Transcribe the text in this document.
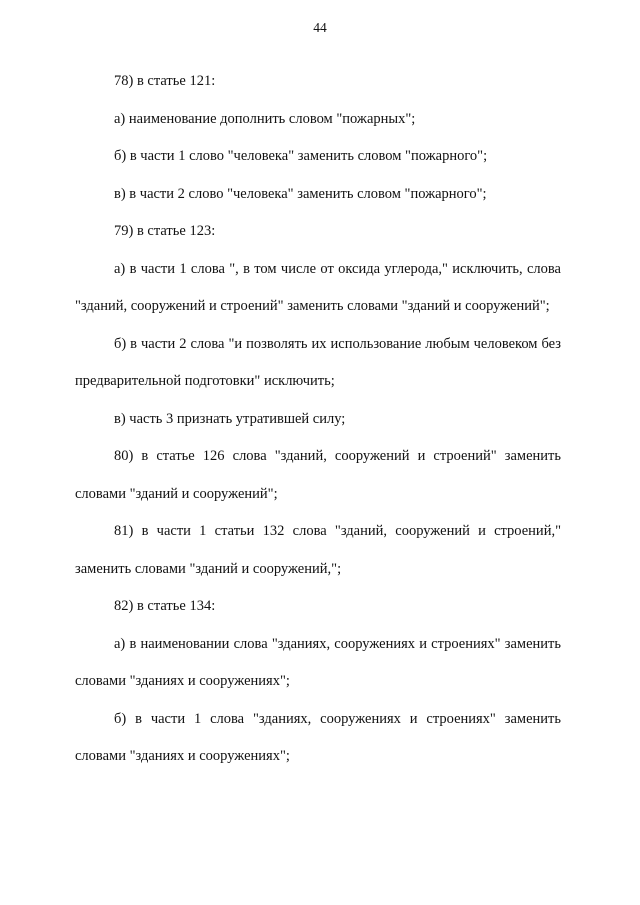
44

78) в статье 121:

а) наименование дополнить словом "пожарных";

б) в части 1 слово "человека" заменить словом "пожарного";

в) в части 2 слово "человека" заменить словом "пожарного";

79) в статье 123:

а) в части 1 слова ", в том числе от оксида углерода," исключить, слова "зданий, сооружений и строений" заменить словами "зданий и сооружений";

б) в части 2 слова "и позволять их использование любым человеком без предварительной подготовки" исключить;

в) часть 3 признать утратившей силу;

80) в статье 126 слова "зданий, сооружений и строений" заменить словами "зданий и сооружений";

81) в части 1 статьи 132 слова "зданий, сооружений и строений," заменить словами "зданий и сооружений,";

82) в статье 134:

а) в наименовании слова "зданиях, сооружениях и строениях" заменить словами "зданиях и сооружениях";

б) в части 1 слова "зданиях, сооружениях и строениях" заменить словами "зданиях и сооружениях";
